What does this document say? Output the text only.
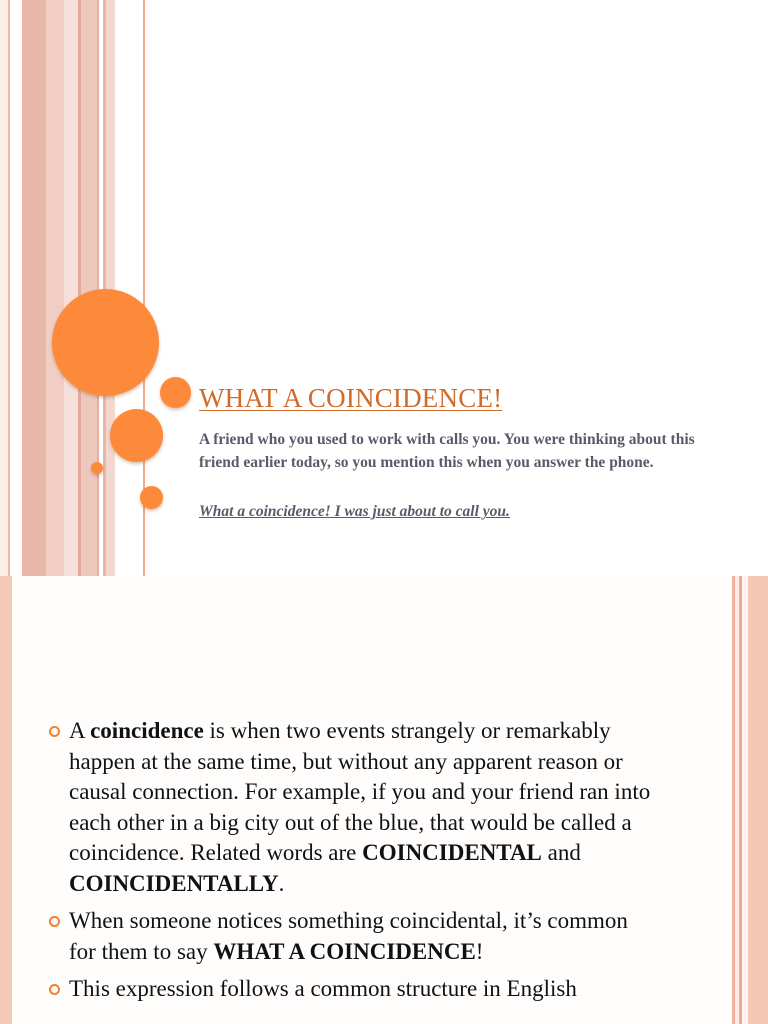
WHAT A COINCIDENCE!

A friend who you used to work with calls you. You were thinking about this friend earlier today, so you mention this when you answer the phone.

What a coincidence! I was just about to call you.

A coincidence is when two events strangely or remarkably happen at the same time, but without any apparent reason or causal connection. For example, if you and your friend ran into each other in a big city out of the blue, that would be called a coincidence. Related words are COINCIDENTAL and COINCIDENTALLY.
When someone notices something coincidental, it’s common for them to say WHAT A COINCIDENCE!
This expression follows a common structure in English
